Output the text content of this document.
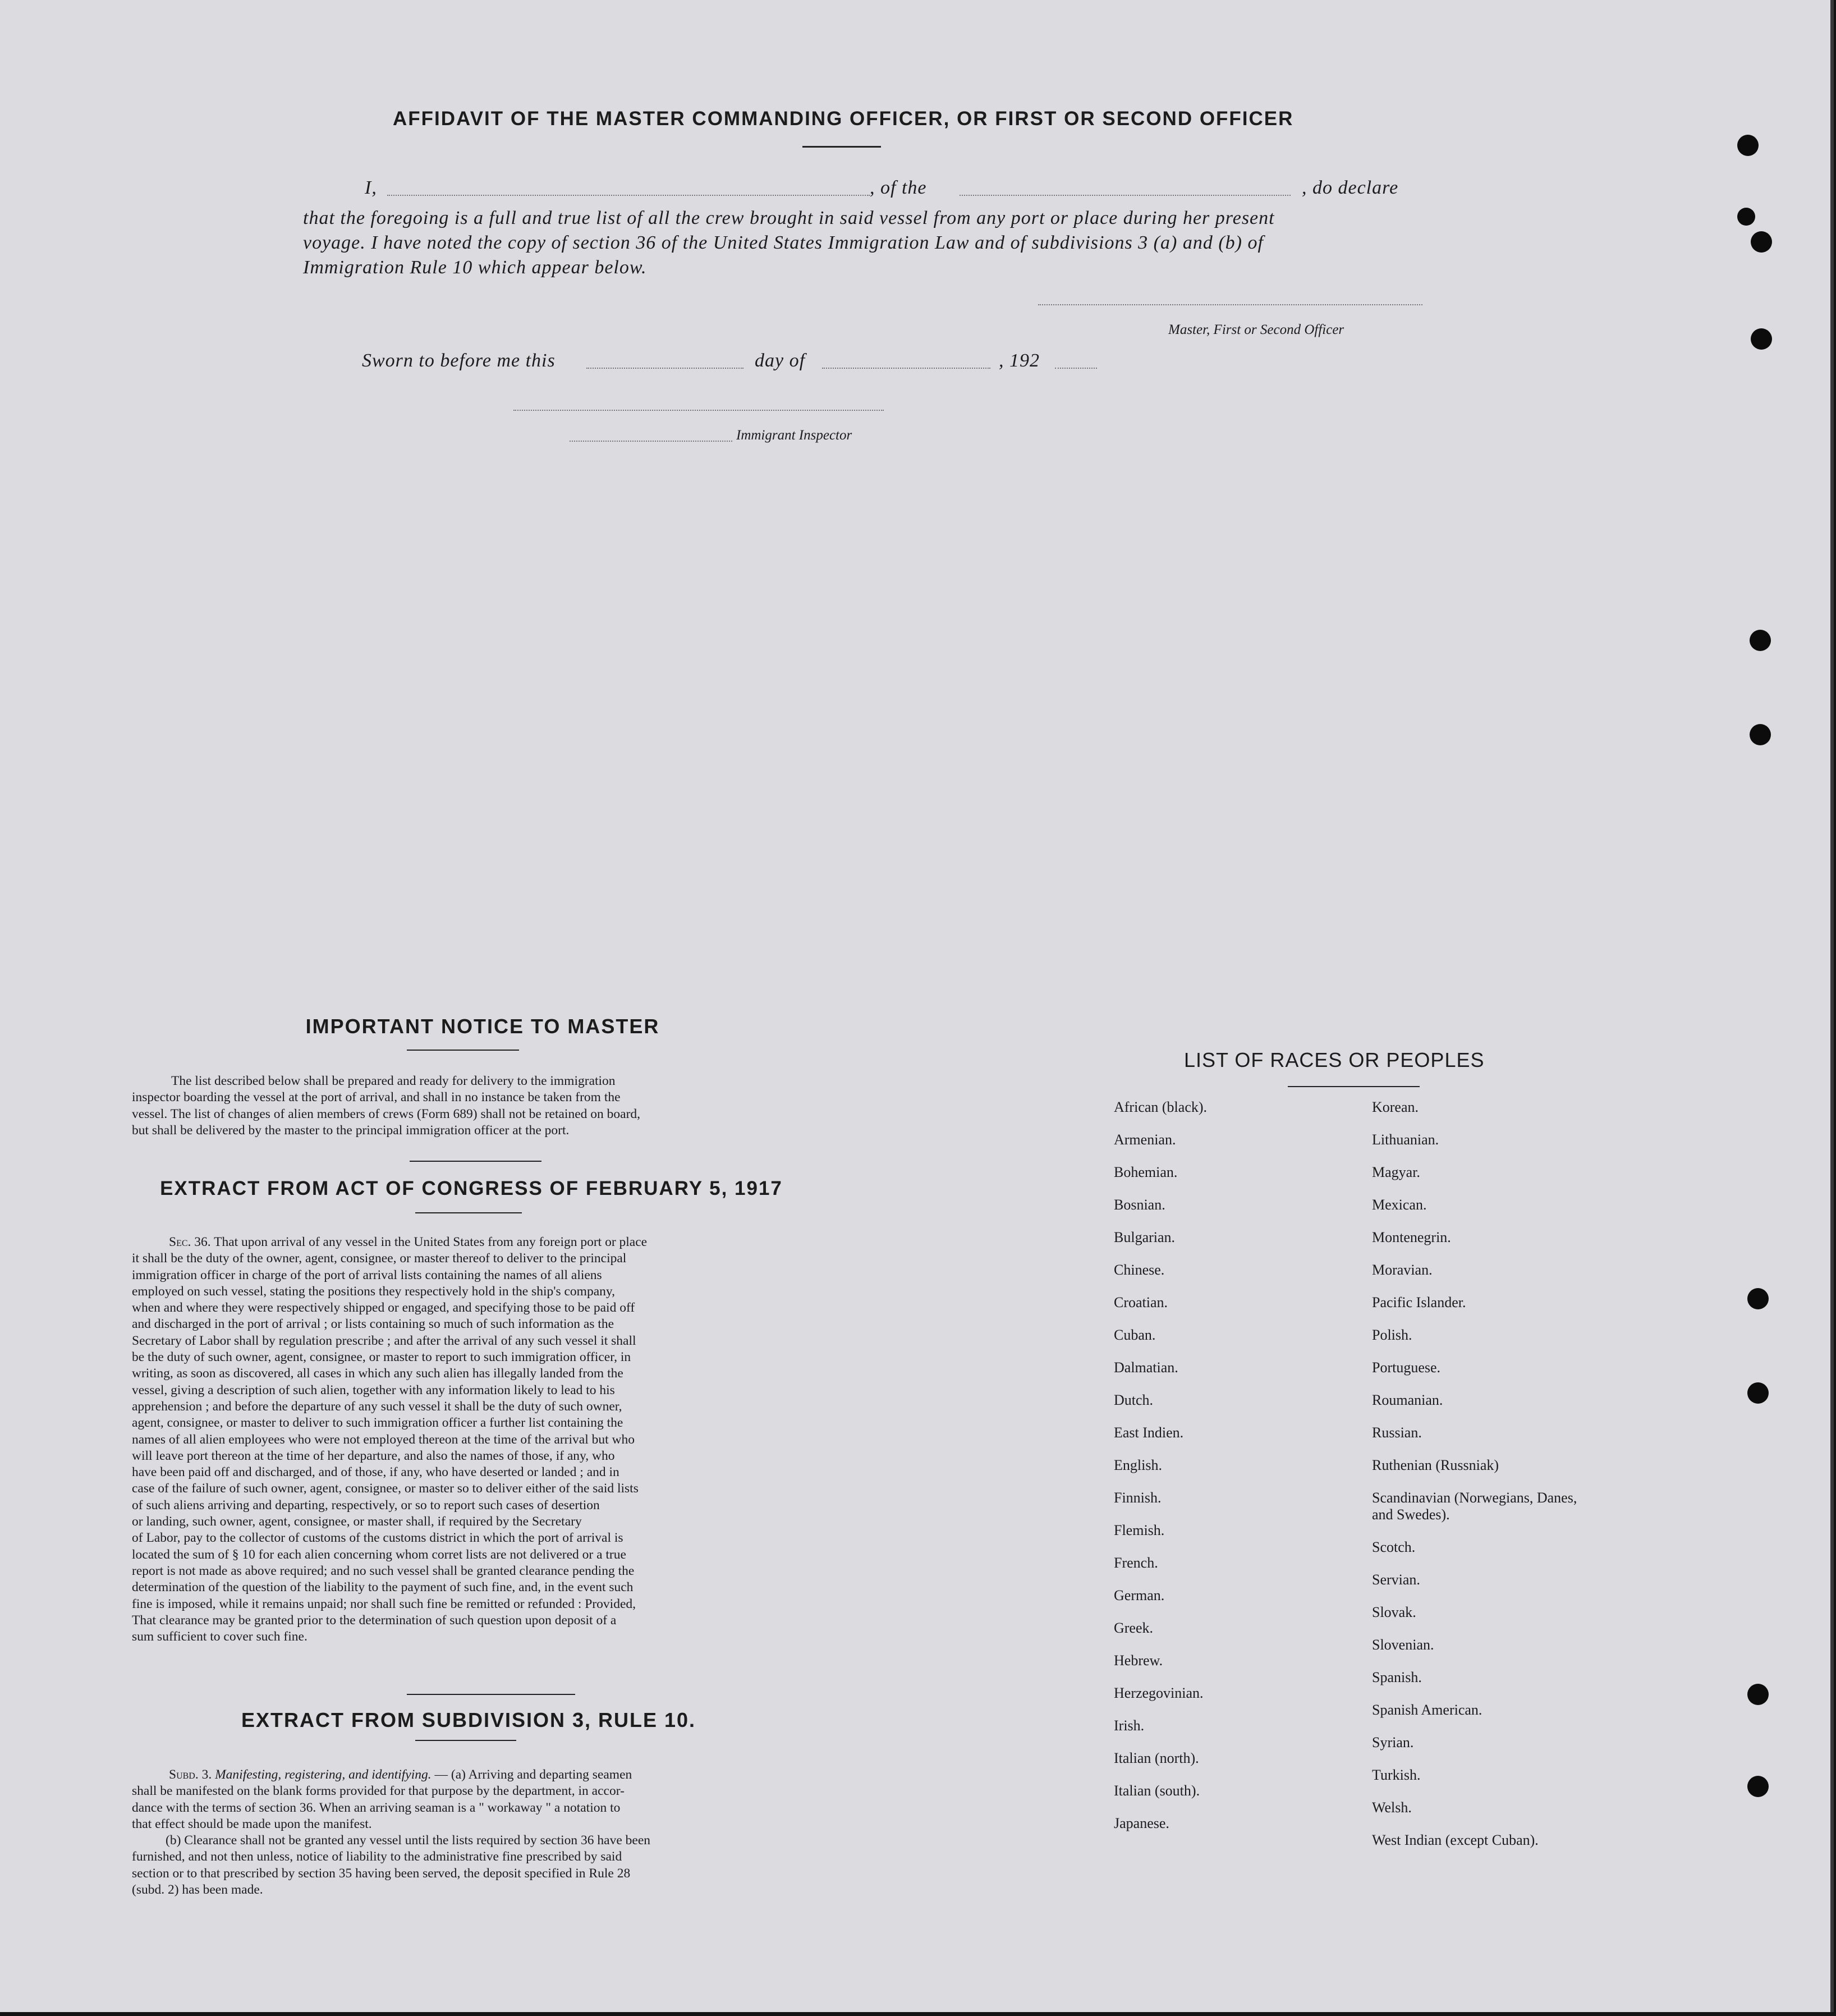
AFFIDAVIT OF THE MASTER COMMANDING OFFICER, OR FIRST OR SECOND OFFICER
I,	, of the	, do declare
that the foregoing is a full and true list of all the crew brought in said vessel from any port or place during her present
voyage. I have noted the copy of section 36 of the United States Immigration Law and of subdivisions 3 (a) and (b) of
Immigration Rule 10 which appear below.
Master, First or Second Officer
Sworn to before me this	day of	, 192
Immigrant Inspector
IMPORTANT NOTICE TO MASTER
The list described below shall be prepared and ready for delivery to the immigration
inspector boarding the vessel at the port of arrival, and shall in no instance be taken from the
vessel. The list of changes of alien members of crews (Form 689) shall not be retained on board,
but shall be delivered by the master to the principal immigration officer at the port.
EXTRACT FROM ACT OF CONGRESS OF FEBRUARY 5, 1917
Sec. 36. That upon arrival of any vessel in the United States from any foreign port or place
it shall be the duty of the owner, agent, consignee, or master thereof to deliver to the principal
immigration officer in charge of the port of arrival lists containing the names of all aliens
employed on such vessel, stating the positions they respectively hold in the ship's company,
when and where they were respectively shipped or engaged, and specifying those to be paid off
and discharged in the port of arrival ; or lists containing so much of such information as the
Secretary of Labor shall by regulation prescribe ; and after the arrival of any such vessel it shall
be the duty of such owner, agent, consignee, or master to report to such immigration officer, in
writing, as soon as discovered, all cases in which any such alien has illegally landed from the
vessel, giving a description of such alien, together with any information likely to lead to his
apprehension ; and before the departure of any such vessel it shall be the duty of such owner,
agent, consignee, or master to deliver to such immigration officer a further list containing the
names of all alien employees who were not employed thereon at the time of the arrival but who
will leave port thereon at the time of her departure, and also the names of those, if any, who
have been paid off and discharged, and of those, if any, who have deserted or landed ; and in
case of the failure of such owner, agent, consignee, or master so to deliver either of the said lists
of such aliens arriving and departing, respectively, or so to report such cases of desertion
or landing, such owner, agent, consignee, or master shall, if required by the Secretary
of Labor, pay to the collector of customs of the customs district in which the port of arrival is
located the sum of § 10 for each alien concerning whom corret lists are not delivered or a true
report is not made as above required; and no such vessel shall be granted clearance pending the
determination of the question of the liability to the payment of such fine, and, in the event such
fine is imposed, while it remains unpaid; nor shall such fine be remitted or refunded : Provided,
That clearance may be granted prior to the determination of such question upon deposit of a
sum sufficient to cover such fine.
EXTRACT FROM SUBDIVISION 3, RULE 10.
Subd. 3. Manifesting, registering, and identifying. — (a) Arriving and departing seamen
shall be manifested on the blank forms provided for that purpose by the department, in accor-
dance with the terms of section 36. When an arriving seaman is a " workaway " a notation to
that effect should be made upon the manifest.
(b) Clearance shall not be granted any vessel until the lists required by section 36 have been
furnished, and not then unless, notice of liability to the administrative fine prescribed by said
section or to that prescribed by section 35 having been served, the deposit specified in Rule 28
(subd. 2) has been made.
LIST OF RACES OR PEOPLES
African (black).
Armenian.
Bohemian.
Bosnian.
Bulgarian.
Chinese.
Croatian.
Cuban.
Dalmatian.
Dutch.
East Indien.
English.
Finnish.
Flemish.
French.
German.
Greek.
Hebrew.
Herzegovinian.
Irish.
Italian (north).
Italian (south).
Japanese.
Korean.
Lithuanian.
Magyar.
Mexican.
Montenegrin.
Moravian.
Pacific Islander.
Polish.
Portuguese.
Roumanian.
Russian.
Ruthenian (Russniak)
Scandinavian (Norwegians, Danes, and Swedes).
Scotch.
Servian.
Slovak.
Slovenian.
Spanish.
Spanish American.
Syrian.
Turkish.
Welsh.
West Indian (except Cuban).
